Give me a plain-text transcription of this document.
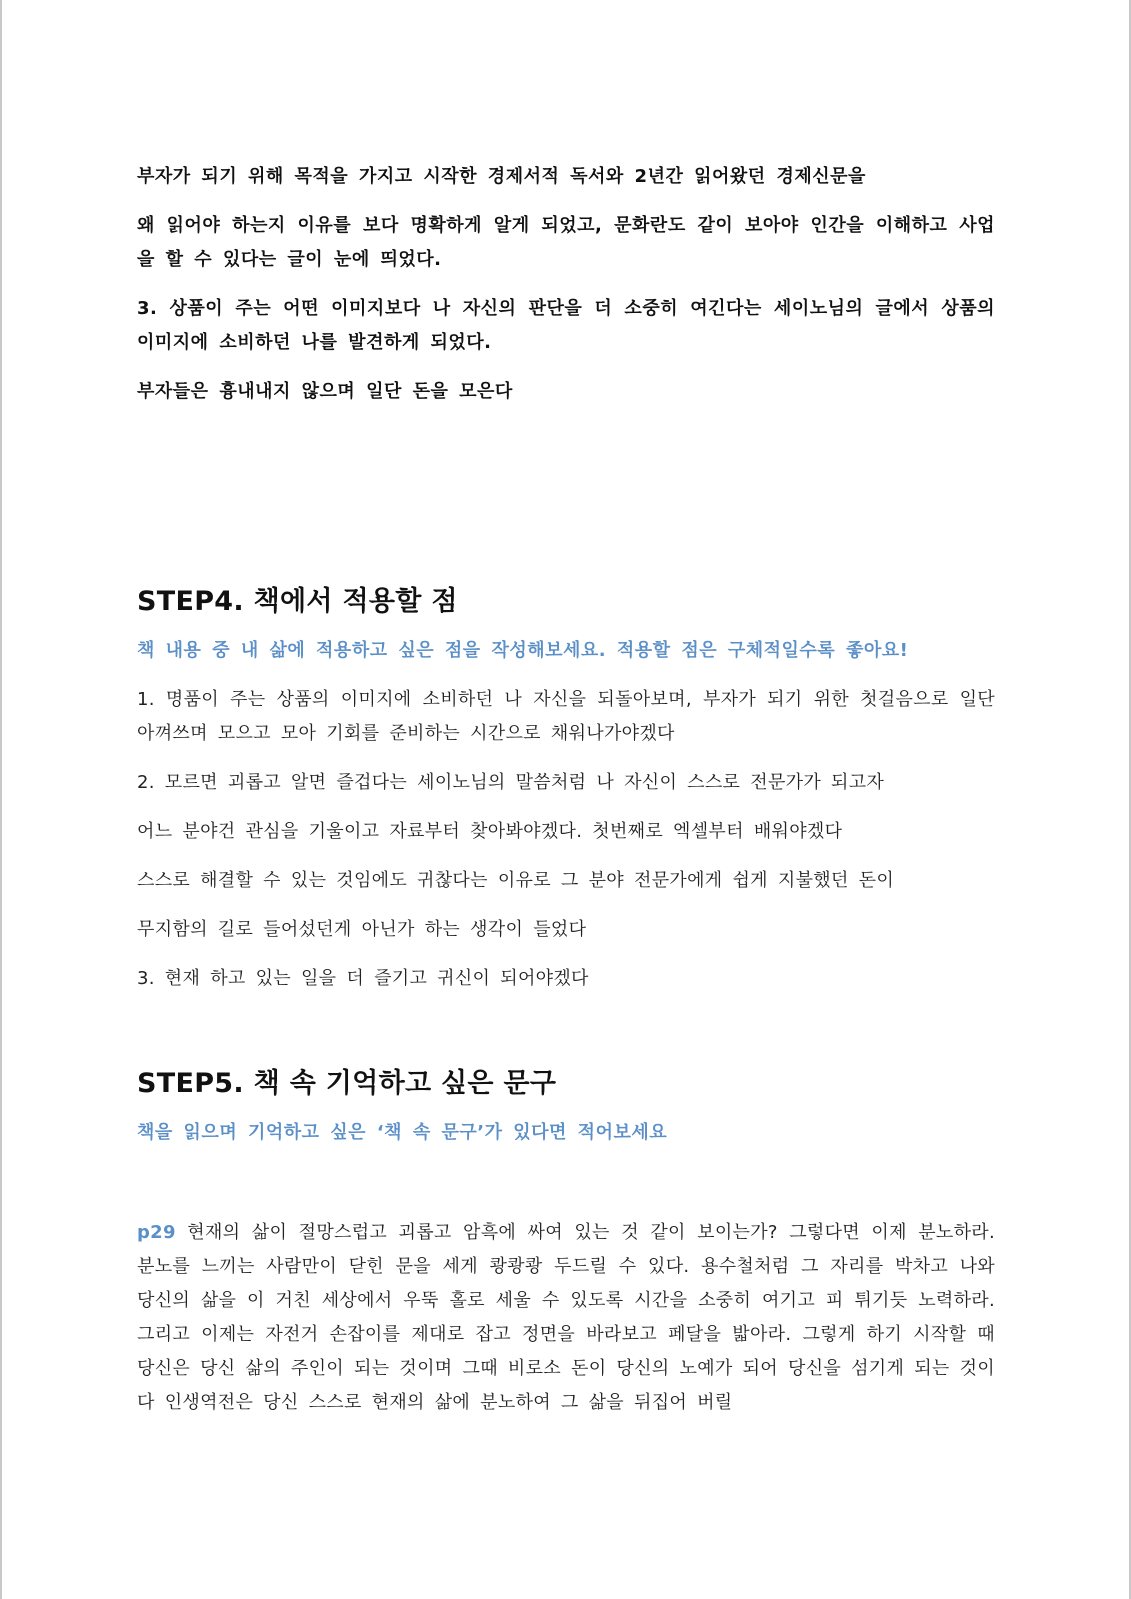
부자가 되기 위해 목적을 가지고 시작한 경제서적 독서와 2년간 읽어왔던 경제신문을

왜 읽어야 하는지 이유를 보다 명확하게 알게 되었고, 문화란도 같이 보아야 인간을 이해하고 사업을 할 수 있다는 글이 눈에 띄었다.

3. 상품이 주는 어떤 이미지보다 나 자신의 판단을 더 소중히 여긴다는 세이노님의 글에서 상품의 이미지에 소비하던 나를 발견하게 되었다.

부자들은 흉내내지 않으며 일단 돈을 모은다

STEP4. 책에서 적용할 점

책 내용 중 내 삶에 적용하고 싶은 점을 작성해보세요. 적용할 점은 구체적일수록 좋아요!

1. 명품이 주는 상품의 이미지에 소비하던 나 자신을 되돌아보며, 부자가 되기 위한 첫걸음으로 일단 아껴쓰며 모으고 모아 기회를 준비하는 시간으로 채워나가야겠다

2. 모르면 괴롭고 알면 즐겁다는 세이노님의 말씀처럼 나 자신이 스스로 전문가가 되고자

어느 분야건 관심을 기울이고 자료부터 찾아봐야겠다. 첫번째로 엑셀부터 배워야겠다

스스로 해결할 수 있는 것임에도 귀찮다는 이유로 그 분야 전문가에게 쉽게 지불했던 돈이

무지함의 길로 들어섰던게 아닌가 하는 생각이 들었다

3. 현재 하고 있는 일을 더 즐기고 귀신이 되어야겠다

STEP5. 책 속 기억하고 싶은 문구

책을 읽으며 기억하고 싶은 ‘책 속 문구’가 있다면 적어보세요

p29 현재의 삶이 절망스럽고 괴롭고 암흑에 싸여 있는 것 같이 보이는가? 그렇다면 이제 분노하라. 분노를 느끼는 사람만이 닫힌 문을 세게 쾅쾅쾅 두드릴 수 있다. 용수철처럼 그 자리를 박차고 나와 당신의 삶을 이 거친 세상에서 우뚝 홀로 세울 수 있도록 시간을 소중히 여기고 피 튀기듯 노력하라. 그리고 이제는 자전거 손잡이를 제대로 잡고 정면을 바라보고 페달을 밟아라. 그렇게 하기 시작할 때 당신은 당신 삶의 주인이 되는 것이며 그때 비로소 돈이 당신의 노예가 되어 당신을 섬기게 되는 것이다 인생역전은 당신 스스로 현재의 삶에 분노하여 그 삶을 뒤집어 버릴
